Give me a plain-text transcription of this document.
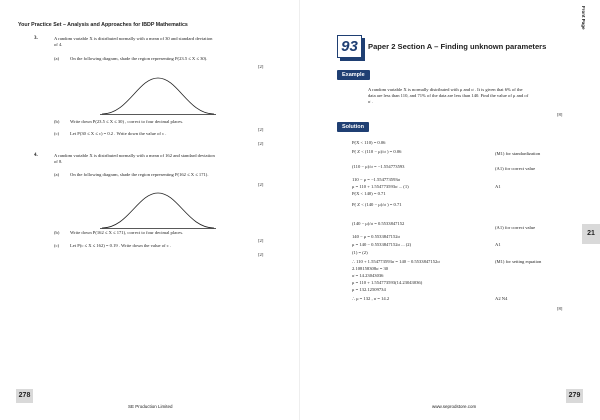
Your Practice Set – Analysis and Approaches for IBDP Mathematics
3.	A random variable X is distributed normally with a mean of 30 and standard deviation
of 4.
(a) On the following diagram, shade the region representing P(23.5 ≤ X ≤ 30).
[2]
(b) Write down P(23.5 ≤ X ≤ 30) , correct to four decimal places.
[2]
(c) Let P(30 ≤ X ≤ c) = 0.2 . Write down the value of c .
[2]
4.	A random variable X is distributed normally with a mean of 162 and standard deviation
of 8.
(a) On the following diagram, shade the region representing P(162 ≤ X ≤ 171).
[2]
(b) Write down P(162 ≤ X ≤ 171), correct to four decimal places.
[2]
(c) Let P(c ≤ X ≤ 162) = 0.19 . Write down the value of c .
[2]
278
SE Production Limited
Front Page
93	Paper 2 Section A – Finding unknown parameters
Example
A random variable X is normally distributed with μ and σ . It is given that 6% of the
data are less than 110, and 71% of the data are less than 140. Find the value of μ and of
σ .
[8]
Solution
P(X < 110) = 0.06
P( Z < (110 − μ)/σ ) = 0.06	(M1) for standardization
(110 − μ)/σ = −1.554773593	(A1) for correct value
110 − μ = −1.554773593σ
μ = 110 + 1.554773593σ ... (1)	A1
P(X < 140) = 0.71
P( Z < (140 − μ)/σ ) = 0.71
(140 − μ)/σ = 0.5533847152
(A1) for correct value
140 − μ = 0.5533847152σ
μ = 140 − 0.5533847152σ ... (2)	A1
(1) = (2)
∴ 110 + 1.554773593σ = 140 − 0.5533847152σ	(M1) for setting equation
2.108158308σ = 30
σ = 14.23043036
μ = 110 + 1.554773593(14.23043036)
μ = 132.12509734
∴ μ = 132 , σ = 14.2	A2 N4
[8]
21
279
www.seprodstore.com
